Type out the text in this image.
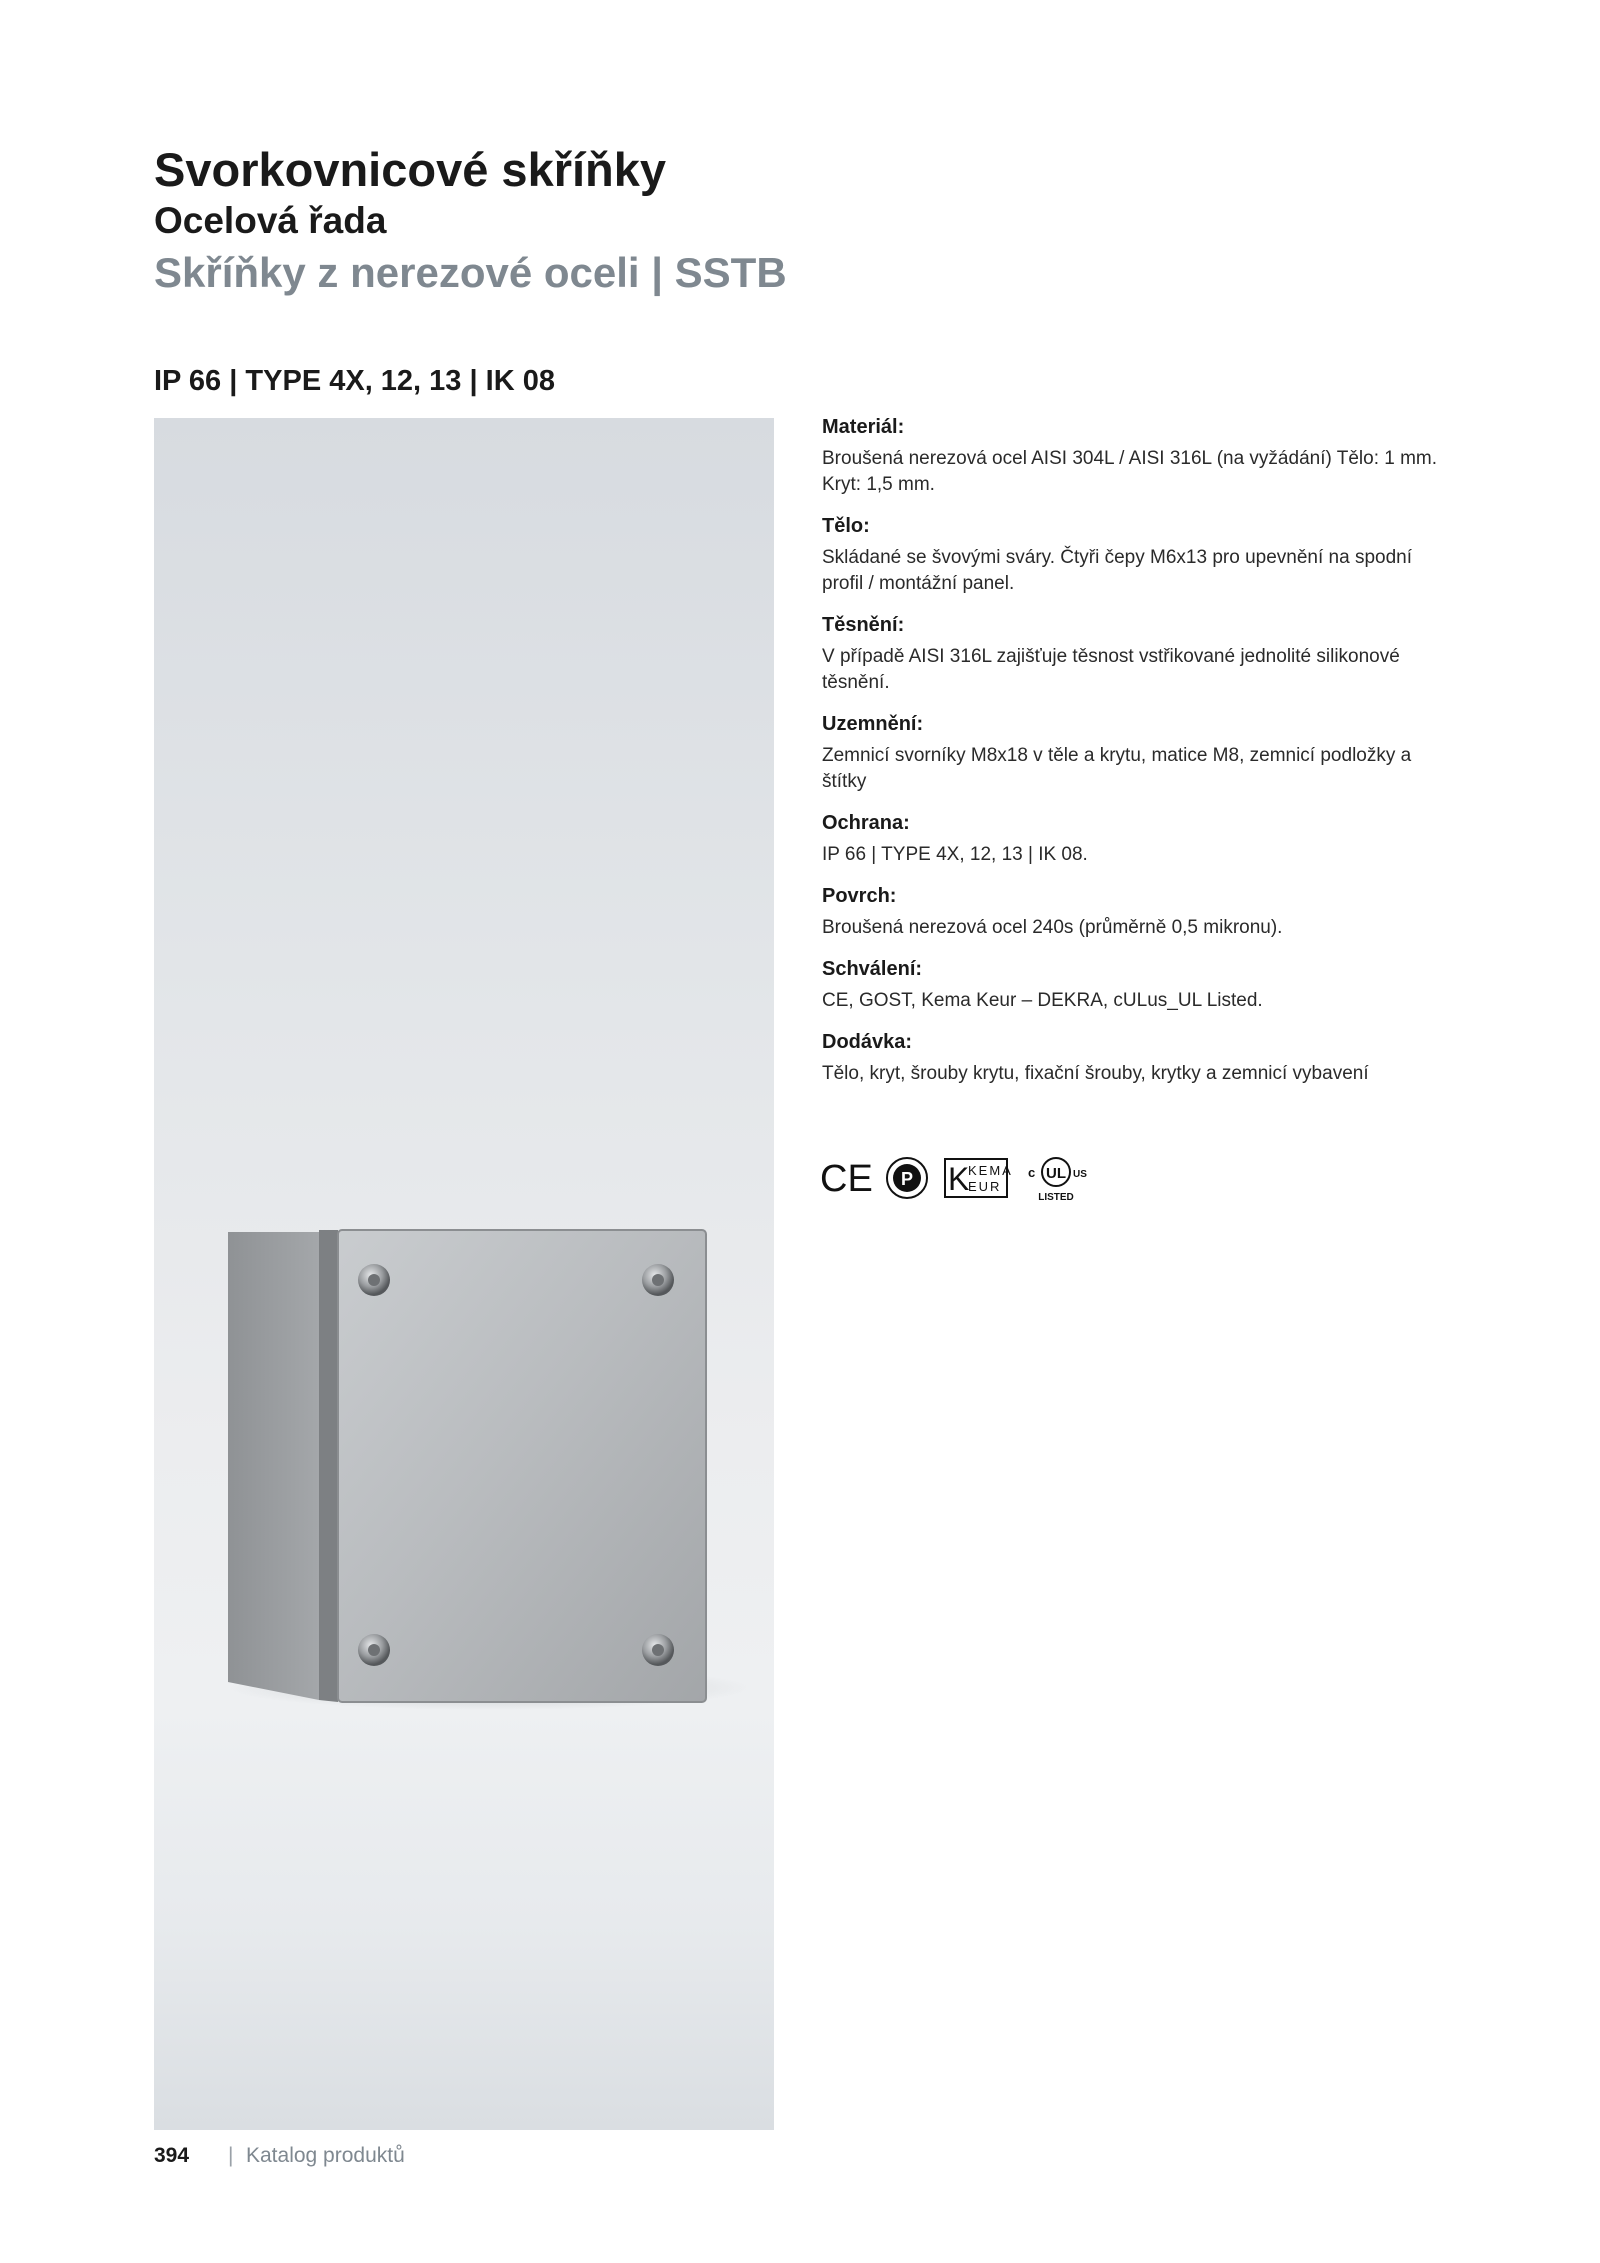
Svorkovnicové skříňky
Ocelová řada
Skříňky z nerezové oceli | SSTB

IP 66 | TYPE 4X, 12, 13 | IK 08

Materiál:
Broušená nerezová ocel AISI 304L / AISI 316L (na vyžádání) Tělo: 1 mm. Kryt: 1,5 mm.
Tělo:
Skládané se švovými sváry. Čtyři čepy M6x13 pro upevnění na spodní profil / montážní panel.
Těsnění:
V případě AISI 316L zajišťuje těsnost vstřikované jednolité silikonové těsnění.
Uzemnění:
Zemnicí svorníky M8x18 v těle a krytu, matice M8, zemnicí podložky a štítky
Ochrana:
IP 66 | TYPE 4X, 12, 13 | IK 08.
Povrch:
Broušená nerezová ocel 240s (průměrně 0,5 mikronu).
Schválení:
CE, GOST, Kema Keur – DEKRA, cULus_UL Listed.
Dodávka:
Tělo, kryt, šrouby krytu, fixační šrouby, krytky a zemnicí vybavení
CE Р K
KEMA
EUR
c UL US
LISTED
394 | Katalog produktů
